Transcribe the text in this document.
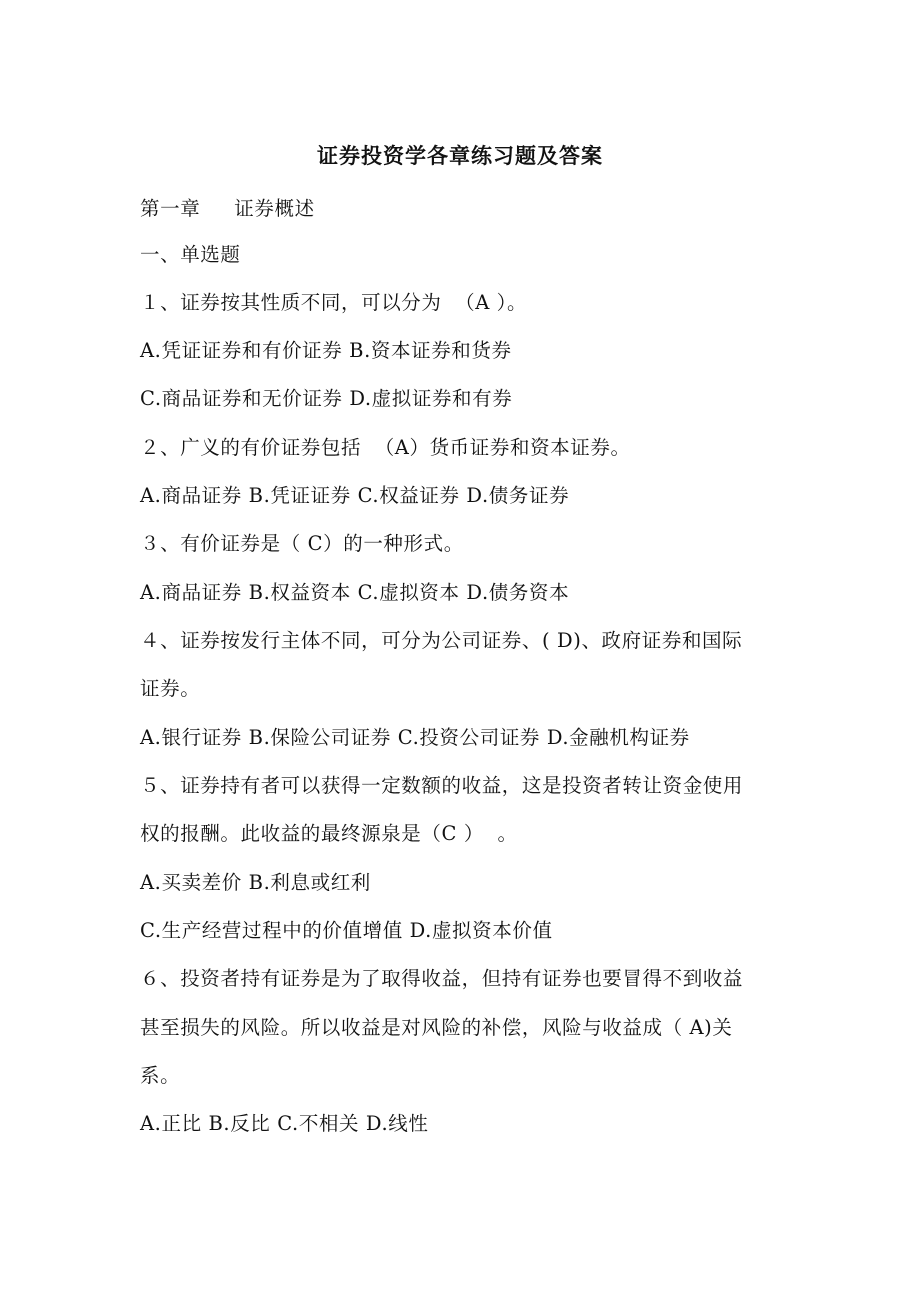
证券投资学各章练习题及答案
第一章     证券概述
一、单选题
１、证券按其性质不同，可以分为  （A ）。
A.凭证证券和有价证券 B.资本证券和货券
C.商品证券和无价证券 D.虚拟证券和有券
２、广义的有价证券包括  （A）货币证券和资本证券。
A.商品证券 B.凭证证券 C.权益证券 D.债务证券
３、有价证券是（ C）的一种形式。
A.商品证券 B.权益资本 C.虚拟资本 D.债务资本
４、证券按发行主体不同，可分为公司证券、( D)、政府证券和国际
证券。
A.银行证券 B.保险公司证券 C.投资公司证券 D.金融机构证券
５、证券持有者可以获得一定数额的收益，这是投资者转让资金使用
权的报酬。此收益的最终源泉是（C ）  。
A.买卖差价 B.利息或红利
C.生产经营过程中的价值增值 D.虚拟资本价值
６、投资者持有证券是为了取得收益，但持有证券也要冒得不到收益
甚至损失的风险。所以收益是对风险的补偿，风险与收益成（ A)关
系。
A.正比 B.反比 C.不相关 D.线性
